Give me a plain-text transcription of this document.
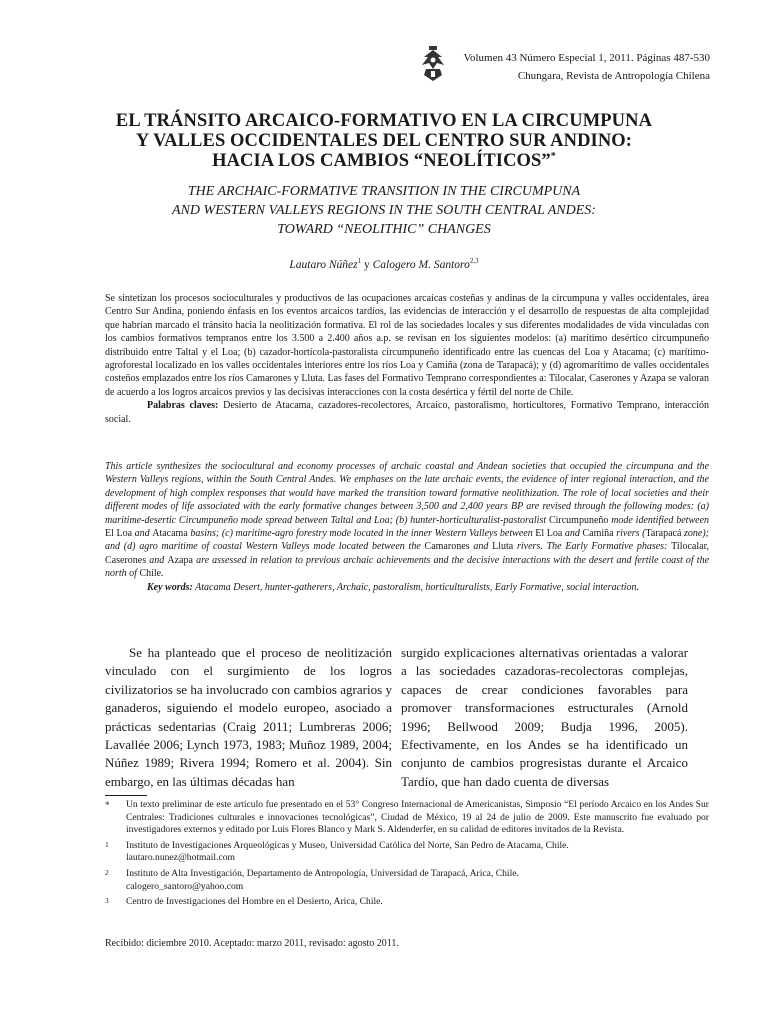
Volumen 43 Número Especial 1, 2011. Páginas 487-530
Chungara, Revista de Antropología Chilena
EL TRÁNSITO ARCAICO-FORMATIVO EN LA CIRCUMPUNA
Y VALLES OCCIDENTALES DEL CENTRO SUR ANDINO:
HACIA LOS CAMBIOS “NEOLÍTICOS”*
THE ARCHAIC-FORMATIVE TRANSITION IN THE CIRCUMPUNA
AND WESTERN VALLEYS REGIONS IN THE SOUTH CENTRAL ANDES:
TOWARD “NEOLITHIC” CHANGES
Lautaro Núñez$^1$ y Calogero M. Santoro$^{2,3}$

Se sintetizan los procesos socioculturales y productivos de las ocupaciones arcaicas costeñas y andinas de la circumpuna y valles occidentales, área Centro Sur Andina, poniendo énfasis en los eventos arcaicos tardíos, las evidencias de interacción y el desarrollo de respuestas de alta complejidad que habrían marcado el tránsito hacia la neolitización formativa. El rol de las sociedades locales y sus diferentes modalidades de vida vinculadas con los cambios formativos tempranos entre los 3.500 a 2.400 años a.p. se revisan en los siguientes modelos: (a) marítimo desértico circumpuneño distribuido entre Taltal y el Loa; (b) cazador-hortícola-pastoralista circumpuneño identificado entre las cuencas del Loa y Atacama; (c) marítimo-agroforestal localizado en los valles occidentales interiores entre los ríos Loa y Camiña (zona de Tarapacá); y (d) agromarítimo de valles occidentales costeños emplazados entre los ríos Camarones y Lluta. Las fases del Formativo Temprano correspondientes a: Tilocalar, Caserones y Azapa se valoran de acuerdo a los logros arcaicos previos y las decisivas interacciones con la costa desértica y fértil del norte de Chile.

Palabras claves: Desierto de Atacama, cazadores-recolectores, Arcaico, pastoralismo, horticultores, Formativo Temprano, interacción social.

This article synthesizes the sociocultural and economy processes of archaic coastal and Andean societies that occupied the circumpuna and the Western Valleys regions, within the South Central Andes. We emphases on the late archaic events, the evidence of inter regional interaction, and the development of high complex responses that would have marked the transition toward formative neolithization. The role of local societies and their different modes of life associated with the early formative changes between 3,500 and 2,400 years BP are revised through the following modes: (a) maritime-desertic Circumpuneño mode spread between Taltal and Loa; (b) hunter-horticulturalist-pastoralist Circumpuneño mode identified between El Loa and Atacama basins; (c) maritime-agro forestry mode located in the inner Western Valleys between El Loa and Camiña rivers (Tarapacá zone); and (d) agro maritime of coastal Western Valleys mode located between the Camarones and Lluta rivers. The Early Formative phases: Tilocalar, Caserones and Azapa are assessed in relation to previous archaic achievements and the decisive interactions with the desert and fertile coast of the north of Chile.

Key words: Atacama Desert, hunter-gatherers, Archaic, pastoralism, horticulturalists, Early Formative, social interaction.

Se ha planteado que el proceso de neolitización vinculado con el surgimiento de los logros civilizatorios se ha involucrado con cambios agrarios y ganaderos, siguiendo el modelo europeo, asociado a prácticas sedentarias (Craig 2011; Lumbreras 2006; Lavallée 2006; Lynch 1973, 1983; Muñoz 1989, 2004; Núñez 1989; Rivera 1994; Romero et al. 2004). Sin embargo, en las últimas décadas han
surgido explicaciones alternativas orientadas a valorar a las sociedades cazadoras-recolectoras complejas, capaces de crear condiciones favorables para promover transformaciones estructurales (Arnold 1996; Bellwood 2009; Budja 1996, 2005). Efectivamente, en los Andes se ha identificado un conjunto de cambios progresistas durante el Arcaico Tardío, que han dado cuenta de diversas
* Un texto preliminar de este artículo fue presentado en el 53° Congreso Internacional de Americanistas, Simposio “El período Arcaico en los Andes Sur Centrales: Tradiciones culturales e innovaciones tecnológicas”, Ciudad de México, 19 al 24 de julio de 2009. Este manuscrito fue evaluado por investigadores externos y editado por Luis Flores Blanco y Mark S. Aldenderfer, en su calidad de editores invitados de la Revista.
1 Instituto de Investigaciones Arqueológicas y Museo, Universidad Católica del Norte, San Pedro de Atacama, Chile.
lautaro.nunez@hotmail.com
2 Instituto de Alta Investigación, Departamento de Antropología, Universidad de Tarapacá, Arica, Chile.
calogero_santoro@yahoo.com
3 Centro de Investigaciones del Hombre en el Desierto, Arica, Chile.
Recibido: diciembre 2010. Aceptado: marzo 2011, revisado: agosto 2011.
